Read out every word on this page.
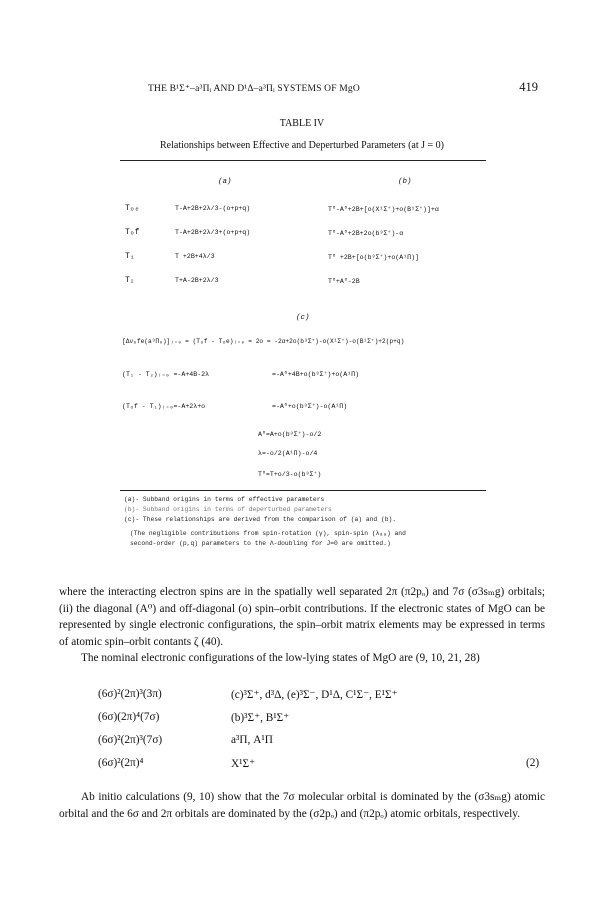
THE B¹Σ⁺–a³Πᵢ AND D¹Δ–a³Πᵢ SYSTEMS OF MgO	419
TABLE IV
Relationships between Effective and Deperturbed Parameters (at J = 0)
(a)	(b)
Tₒₑ	T-A+2B+2λ/3-(o+p+q)	T⁰-A⁰+2B+[o(X¹Σ⁺)+o(B¹Σ⁺)]+α
Tₒf	T-A+2B+2λ/3+(o+p+q)	T⁰-A⁰+2B+2o(b³Σ⁺)-α
T₁	T +2B+4λ/3	T⁰ +2B+[o(b³Σ⁺)+o(A¹Π)]
T₂	T+A-2B+2λ/3	T⁰+A⁰-2B
(c)
[Δνₒfe(a³Π₀)]ⱼ₌₀ = (Tₒf - Tₒe)ⱼ₌₀ = 2o = -2α+2o(b³Σ⁺)-o(X¹Σ⁺)-o(B¹Σ⁺)+2(p+q)
(T₁ - T₂)ⱼ₌₀ =-A+4B-2λ	=-A⁰+4B+o(b³Σ⁺)+o(A¹Π)
(Tₒf - T₁)ⱼ₌₀=-A+2λ+o	=-A⁰+o(b³Σ⁺)-o(A¹Π)
A⁰=A+o(b³Σ⁺)-o/2
λ=-o/2(A¹Π)-o/4
T⁰=T+o/3-o(b³Σ⁺)
(a)- Subband origins in terms of effective parameters
(b)- Subband origins in terms of deperturbed parameters
(c)- These relationships are derived from the comparison of (a) and (b).
(The negligible contributions from spin-rotation (γ), spin-spin (λₐₐ) and
second-order (p,q) parameters to the Λ-doubling for J=0 are omitted.)

where the interacting electron spins are in the spatially well separated 2π (π2pₒ) and 7σ (σ3sₘg) orbitals; (ii) the diagonal (A⁰) and off-diagonal (o) spin–orbit contributions. If the electronic states of MgO can be represented by single electronic configurations, the spin–orbit matrix elements may be expressed in terms of atomic spin–orbit contants ζ (40).

The nominal electronic configurations of the low-lying states of MgO are (9, 10, 21, 28)

(6σ)²(2π)³(3π)	(c)³Σ⁺, d³Δ, (e)³Σ⁻, D¹Δ, C¹Σ⁻, E¹Σ⁺
(6σ)(2π)⁴(7σ)	(b)³Σ⁺, B¹Σ⁺
(6σ)²(2π)³(7σ)	a³Π, A¹Π
(6σ)²(2π)⁴	X¹Σ⁺	(2)

Ab initio calculations (9, 10) show that the 7σ molecular orbital is dominated by the (σ3sₘg) atomic orbital and the 6σ and 2π orbitals are dominated by the (σ2pₒ) and (π2pₒ) atomic orbitals, respectively.
